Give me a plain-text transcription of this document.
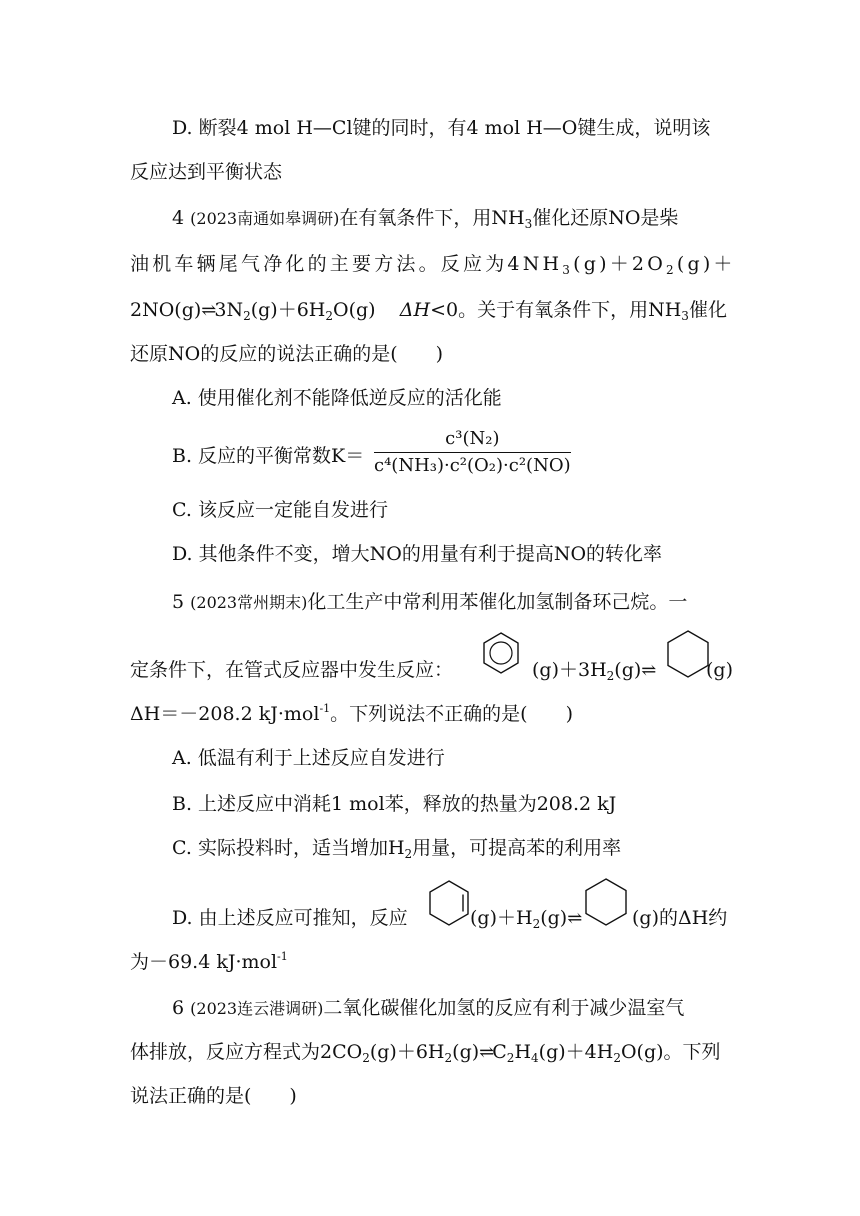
D. 断裂4 mol H—Cl键的同时，有4 mol H—O键生成，说明该
反应达到平衡状态
4 (2023南通如皋调研)在有氧条件下，用$NH_3$催化还原NO是柴
油机车辆尾气净化的主要方法。反应为$4NH_3(g)+2O_2(g)+$
$2NO(g)\rightleftharpoons 3N_2(g)+6H_2O(g)$ ΔH<0。关于有氧条件下，用$NH_3$催化
还原NO的反应的说法正确的是(　　)
A. 使用催化剂不能降低逆反应的活化能
B. 反应的平衡常数K＝
c³(N₂)
c⁴(NH₃)·c²(O₂)·c²(NO)
C. 该反应一定能自发进行
D. 其他条件不变，增大NO的用量有利于提高NO的转化率
5 (2023常州期末)化工生产中常利用苯催化加氢制备环己烷。一
定条件下，在管式反应器中发生反应：	$(g)+3H_2(g)\rightleftharpoons$	(g)
ΔH＝－208.2 kJ·mol$^{-1}$。下列说法不正确的是(　　)
A. 低温有利于上述反应自发进行
B. 上述反应中消耗1 mol苯，释放的热量为208.2 kJ
C. 实际投料时，适当增加$H_2$用量，可提高苯的利用率
D. 由上述反应可推知，反应	$(g)+H_2(g)\rightleftharpoons$	(g)的ΔH约
为－69.4 kJ·mol$^{-1}$
6 (2023连云港调研)二氧化碳催化加氢的反应有利于减少温室气
体排放，反应方程式为$2CO_2(g)+6H_2(g)\rightleftharpoons C_2H_4(g)+4H_2O(g)$。下列
说法正确的是(　　)
